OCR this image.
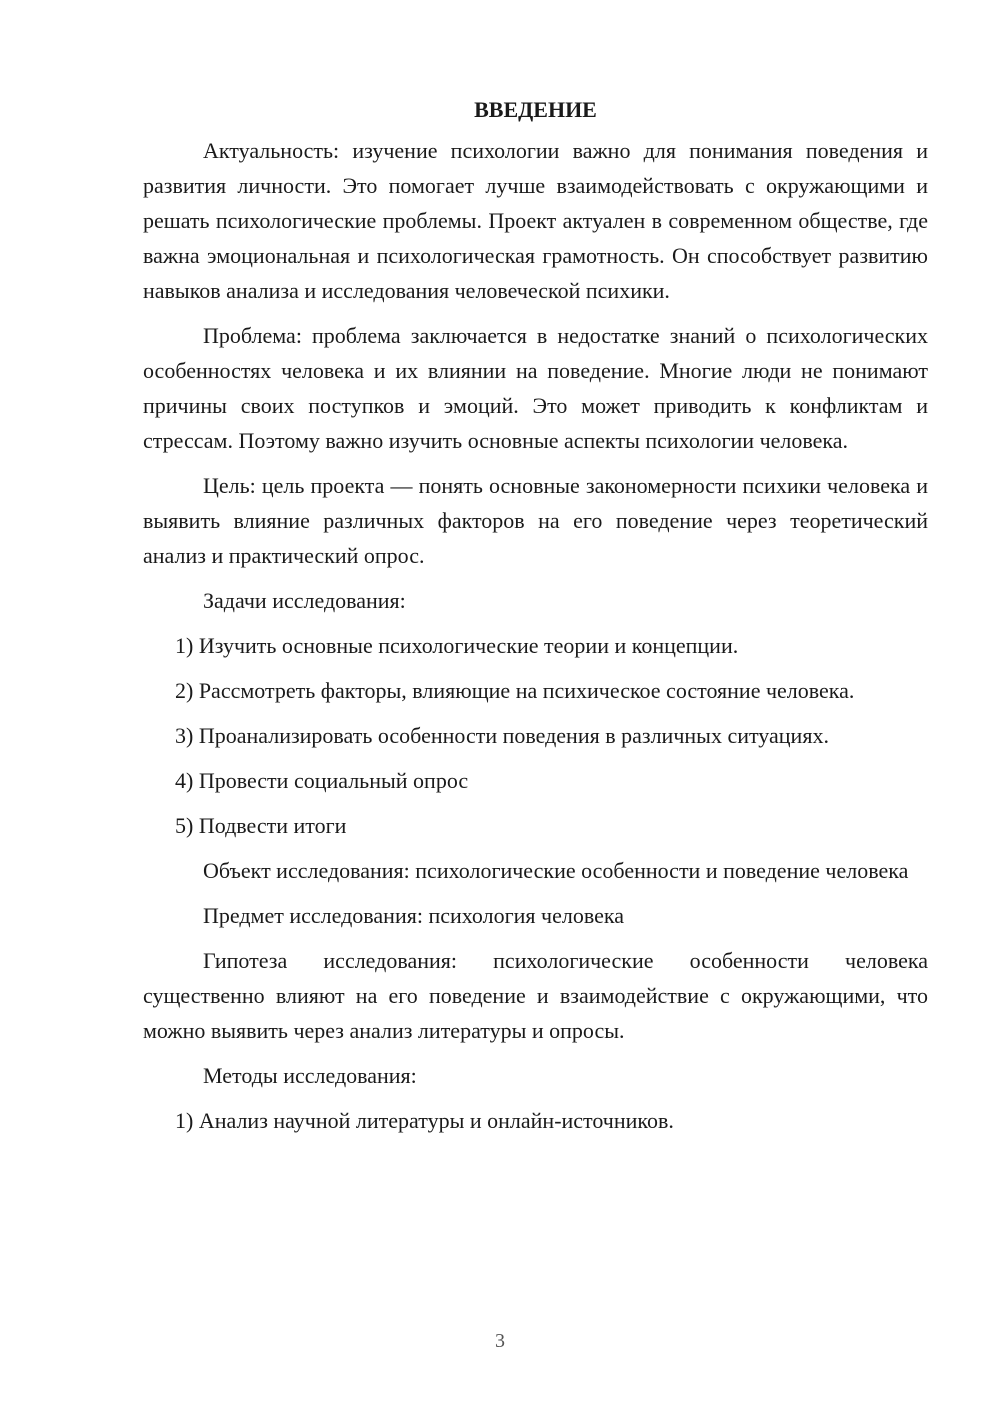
ВВЕДЕНИЕ

Актуальность: изучение психологии важно для понимания поведения и развития личности. Это помогает лучше взаимодействовать с окружающими и решать психологические проблемы. Проект актуален в современном обществе, где важна эмоциональная и психологическая грамотность. Он способствует развитию навыков анализа и исследования человеческой психики.

Проблема: проблема заключается в недостатке знаний о психологических особенностях человека и их влиянии на поведение. Многие люди не понимают причины своих поступков и эмоций. Это может приводить к конфликтам и стрессам. Поэтому важно изучить основные аспекты психологии человека.

Цель: цель проекта — понять основные закономерности психики человека и выявить влияние различных факторов на его поведение через теоретический анализ и практический опрос.

Задачи исследования:

1) Изучить основные психологические теории и концепции.

2) Рассмотреть факторы, влияющие на психическое состояние человека.

3) Проанализировать особенности поведения в различных ситуациях.

4) Провести социальный опрос

5) Подвести итоги

Объект исследования: психологические особенности и поведение человека

Предмет исследования: психология человека

Гипотеза исследования: психологические особенности человека существенно влияют на его поведение и взаимодействие с окружающими, что можно выявить через анализ литературы и опросы.

Методы исследования:

1) Анализ научной литературы и онлайн-источников.

3
